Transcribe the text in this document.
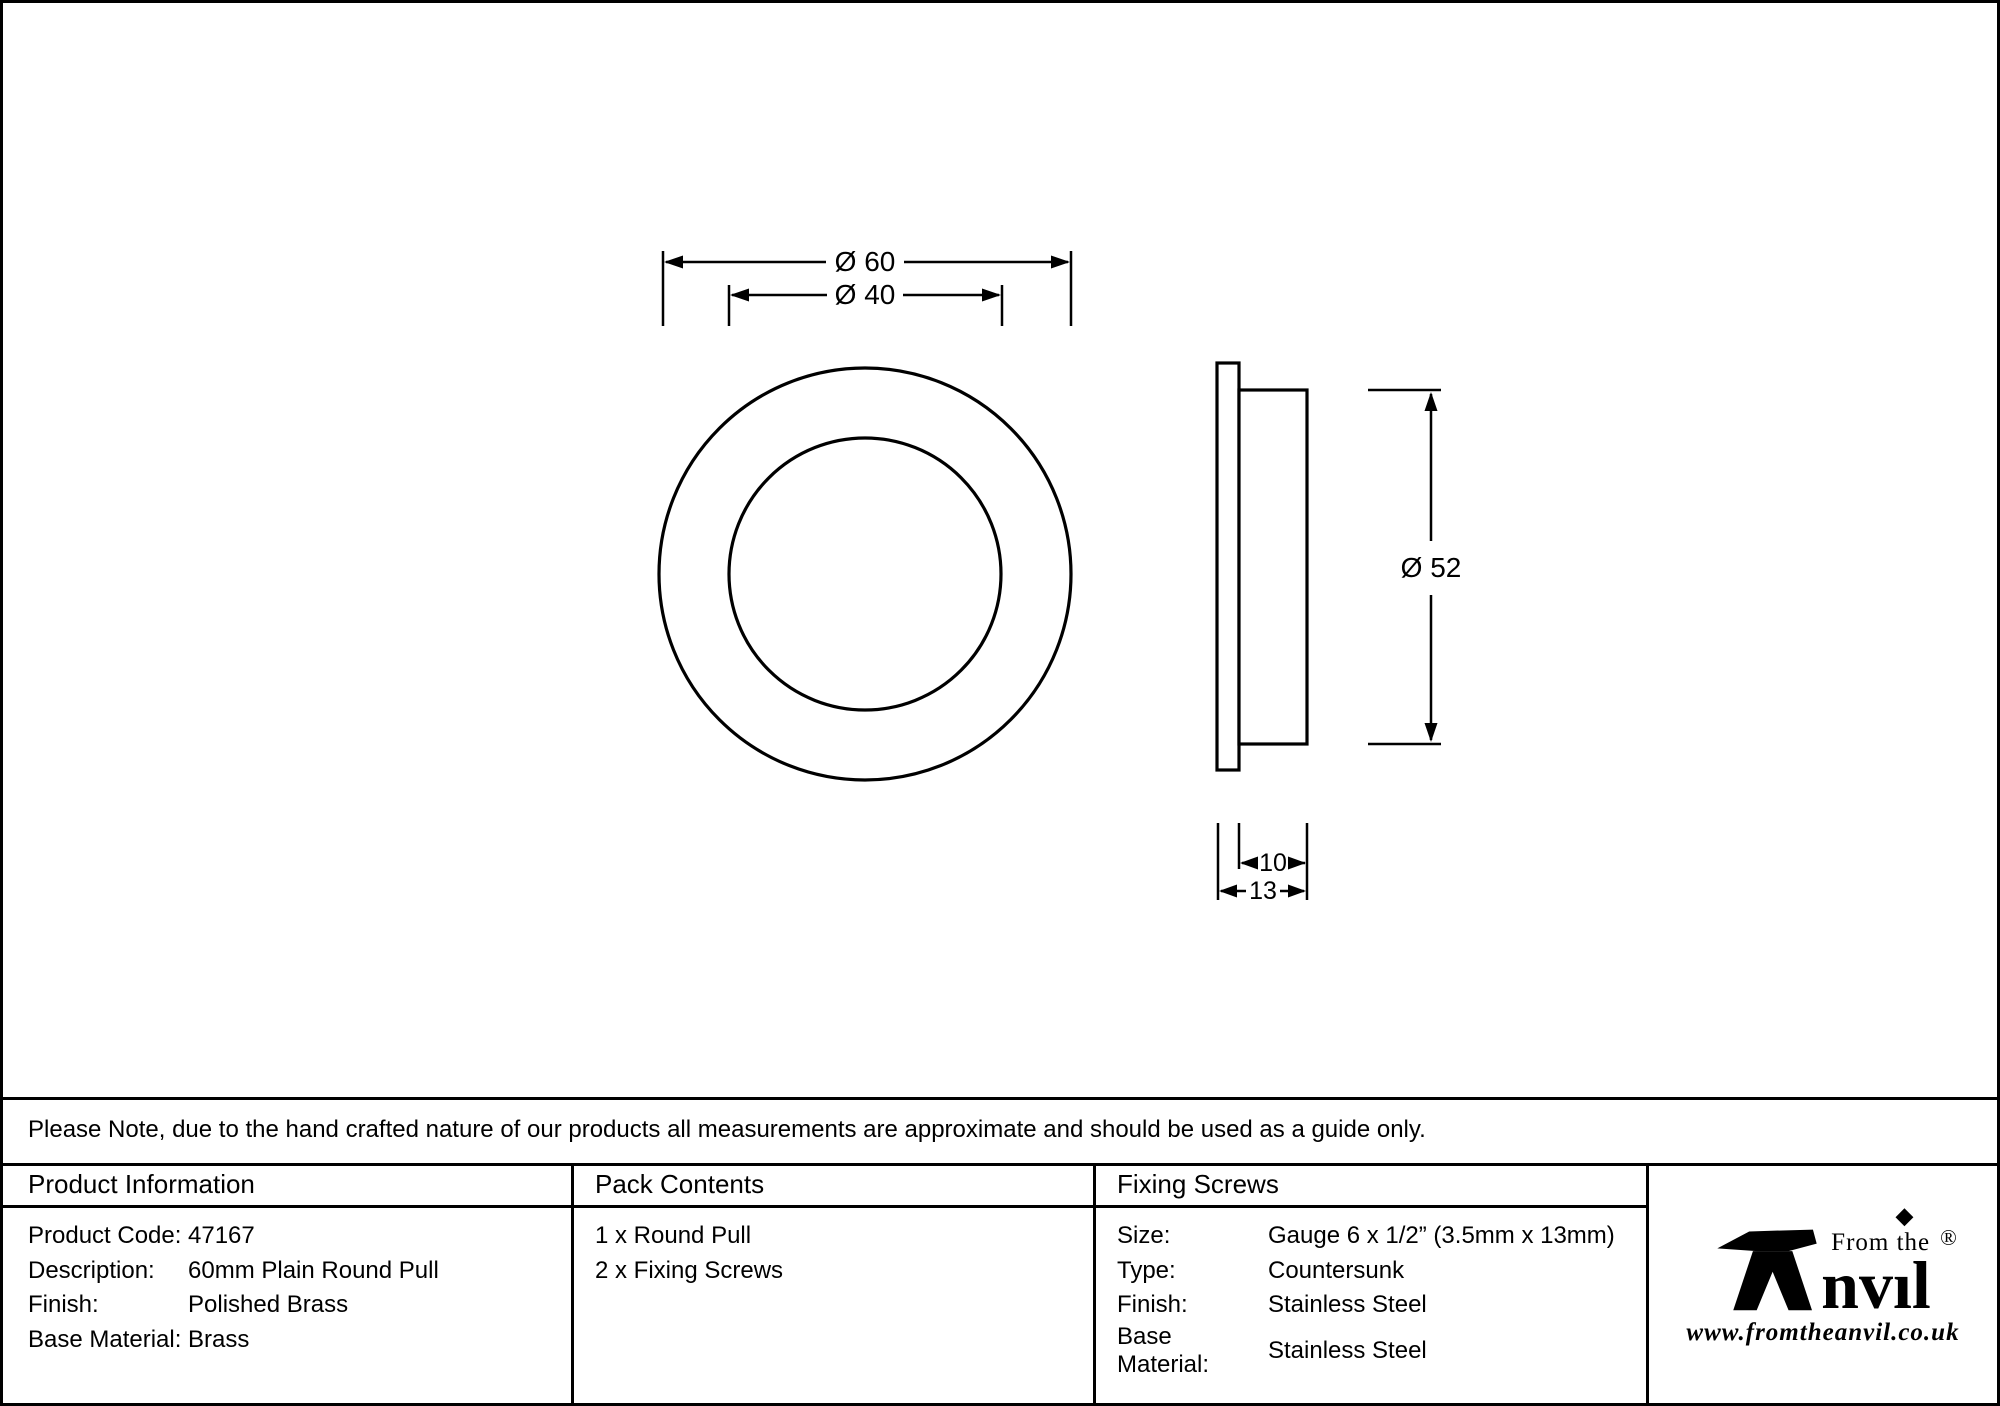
Ø 60
Ø 40
Ø 52
10
13
Please Note, due to the hand crafted nature of our products all measurements are approximate and should be used as a guide only.
Product Information
Product Code: 47167
Description:	60mm Plain Round Pull
Finish:	Polished Brass
Base Material: Brass
Pack Contents
1 x Round Pull
2 x Fixing Screws
Fixing Screws
Size:	Gauge 6 x 1/2” (3.5mm x 13mm)
Type:	Countersunk
Finish:	Stainless Steel
Base Material:
Stainless Steel
From the
nv
◆
ıl
®
www.fromtheanvil.co.uk
